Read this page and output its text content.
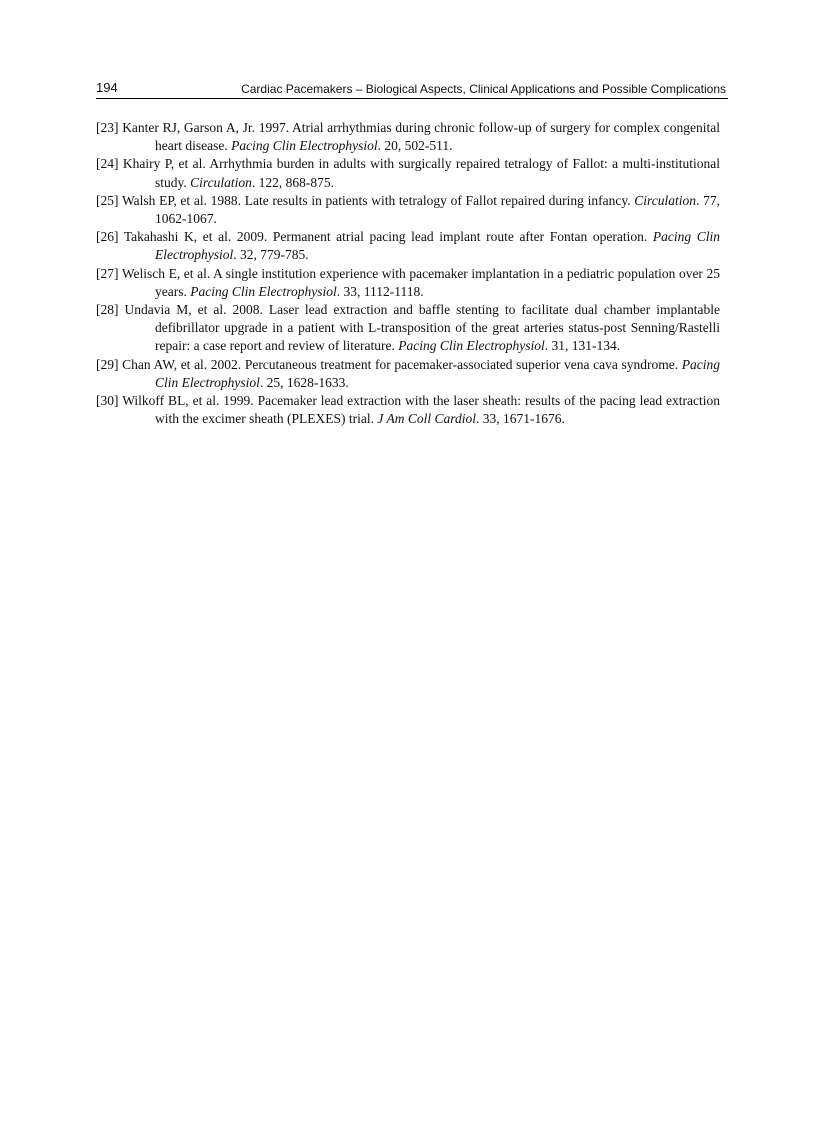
194	Cardiac Pacemakers – Biological Aspects, Clinical Applications and Possible Complications

[23] Kanter RJ, Garson A, Jr. 1997. Atrial arrhythmias during chronic follow-up of surgery for complex congenital heart disease. Pacing Clin Electrophysiol. 20, 502-511.

[24] Khairy P, et al. Arrhythmia burden in adults with surgically repaired tetralogy of Fallot: a multi-institutional study. Circulation. 122, 868-875.

[25] Walsh EP, et al. 1988. Late results in patients with tetralogy of Fallot repaired during infancy. Circulation. 77, 1062-1067.

[26] Takahashi K, et al. 2009. Permanent atrial pacing lead implant route after Fontan operation. Pacing Clin Electrophysiol. 32, 779-785.

[27] Welisch E, et al. A single institution experience with pacemaker implantation in a pediatric population over 25 years. Pacing Clin Electrophysiol. 33, 1112-1118.

[28] Undavia M, et al. 2008. Laser lead extraction and baffle stenting to facilitate dual chamber implantable defibrillator upgrade in a patient with L-transposition of the great arteries status-post Senning/Rastelli repair: a case report and review of literature. Pacing Clin Electrophysiol. 31, 131-134.

[29] Chan AW, et al. 2002. Percutaneous treatment for pacemaker-associated superior vena cava syndrome. Pacing Clin Electrophysiol. 25, 1628-1633.

[30] Wilkoff BL, et al. 1999. Pacemaker lead extraction with the laser sheath: results of the pacing lead extraction with the excimer sheath (PLEXES) trial. J Am Coll Cardiol. 33, 1671-1676.
